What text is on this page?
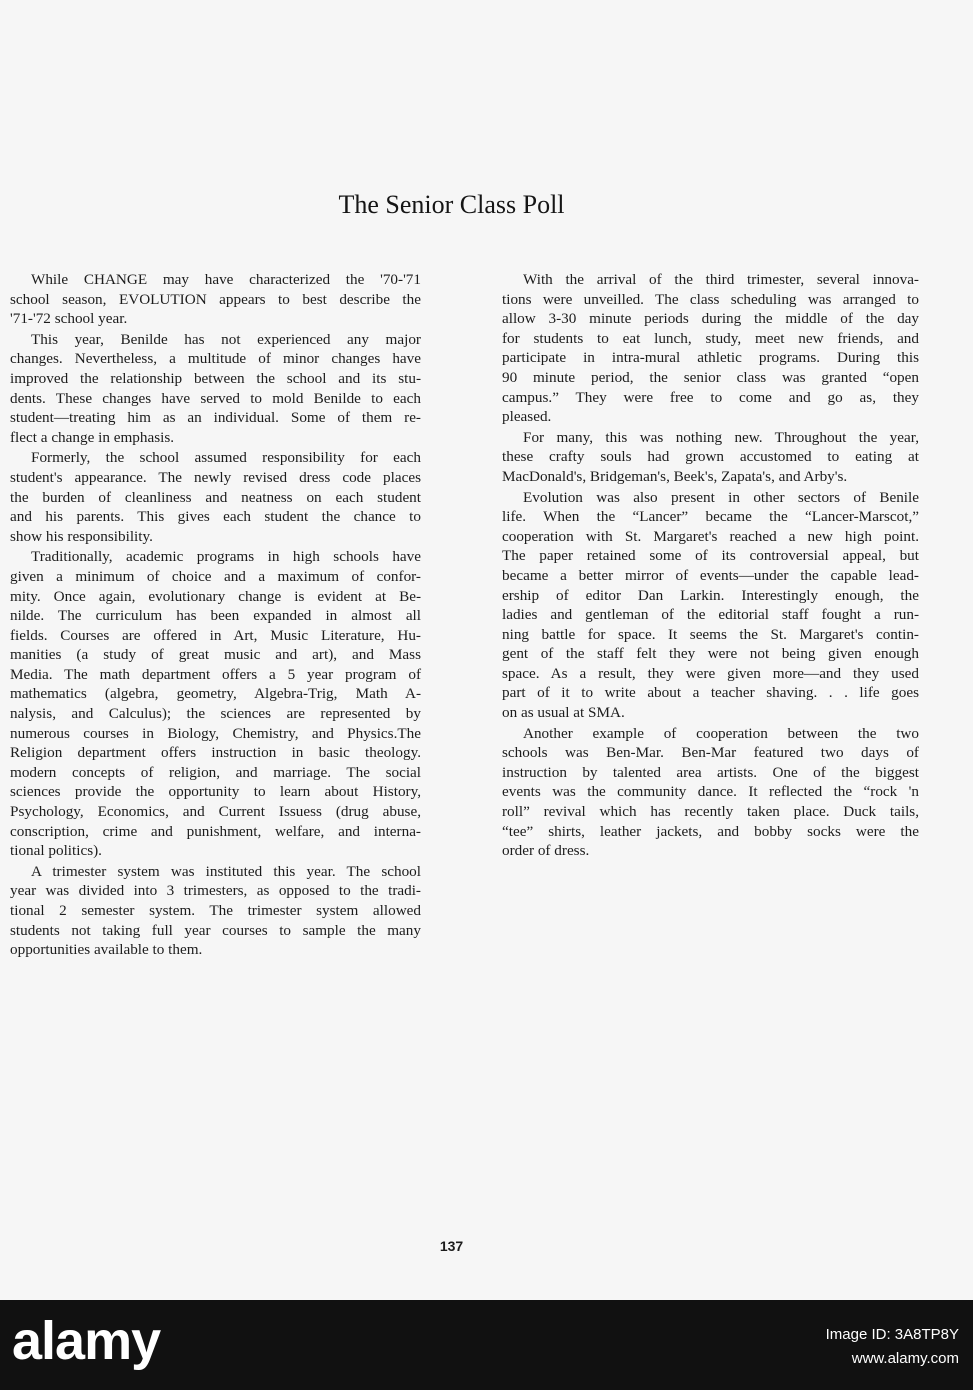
The Senior Class Poll
While CHANGE may have characterized the '70-'71
school season, EVOLUTION appears to best describe the
'71-'72 school year.
This year, Benilde has not experienced any major
changes. Nevertheless, a multitude of minor changes have
improved the relationship between the school and its stu-
dents. These changes have served to mold Benilde to each
student—treating him as an individual. Some of them re-
flect a change in emphasis.
Formerly, the school assumed responsibility for each
student's appearance. The newly revised dress code places
the burden of cleanliness and neatness on each student
and his parents. This gives each student the chance to
show his responsibility.
Traditionally, academic programs in high schools have
given a minimum of choice and a maximum of confor-
mity. Once again, evolutionary change is evident at Be-
nilde. The curriculum has been expanded in almost all
fields. Courses are offered in Art, Music Literature, Hu-
manities (a study of great music and art), and Mass
Media. The math department offers a 5 year program of
mathematics (algebra, geometry, Algebra-Trig, Math A-
nalysis, and Calculus); the sciences are represented by
numerous courses in Biology, Chemistry, and Physics.The
Religion department offers instruction in basic theology.
modern concepts of religion, and marriage. The social
sciences provide the opportunity to learn about History,
Psychology, Economics, and Current Issuess (drug abuse,
conscription, crime and punishment, welfare, and interna-
tional politics).
A trimester system was instituted this year. The school
year was divided into 3 trimesters, as opposed to the tradi-
tional 2 semester system. The trimester system allowed
students not taking full year courses to sample the many
opportunities available to them.
With the arrival of the third trimester, several innova-
tions were unveilled. The class scheduling was arranged to
allow 3-30 minute periods during the middle of the day
for students to eat lunch, study, meet new friends, and
participate in intra-mural athletic programs. During this
90 minute period, the senior class was granted “open
campus.” They were free to come and go as, they
pleased.
For many, this was nothing new. Throughout the year,
these crafty souls had grown accustomed to eating at
MacDonald's, Bridgeman's, Beek's, Zapata's, and Arby's.
Evolution was also present in other sectors of Benile
life. When the “Lancer” became the “Lancer-Marscot,”
cooperation with St. Margaret's reached a new high point.
The paper retained some of its controversial appeal, but
became a better mirror of events—under the capable lead-
ership of editor Dan Larkin. Interestingly enough, the
ladies and gentleman of the editorial staff fought a run-
ning battle for space. It seems the St. Margaret's contin-
gent of the staff felt they were not being given enough
space. As a result, they were given more—and they used
part of it to write about a teacher shaving. . . life goes
on as usual at SMA.
Another example of cooperation between the two
schools was Ben-Mar. Ben-Mar featured two days of
instruction by talented area artists. One of the biggest
events was the community dance. It reflected the “rock 'n
roll” revival which has recently taken place. Duck tails,
“tee” shirts, leather jackets, and bobby socks were the
order of dress.
137
alamy	Image ID: 3A8TP8Y
www.alamy.com
